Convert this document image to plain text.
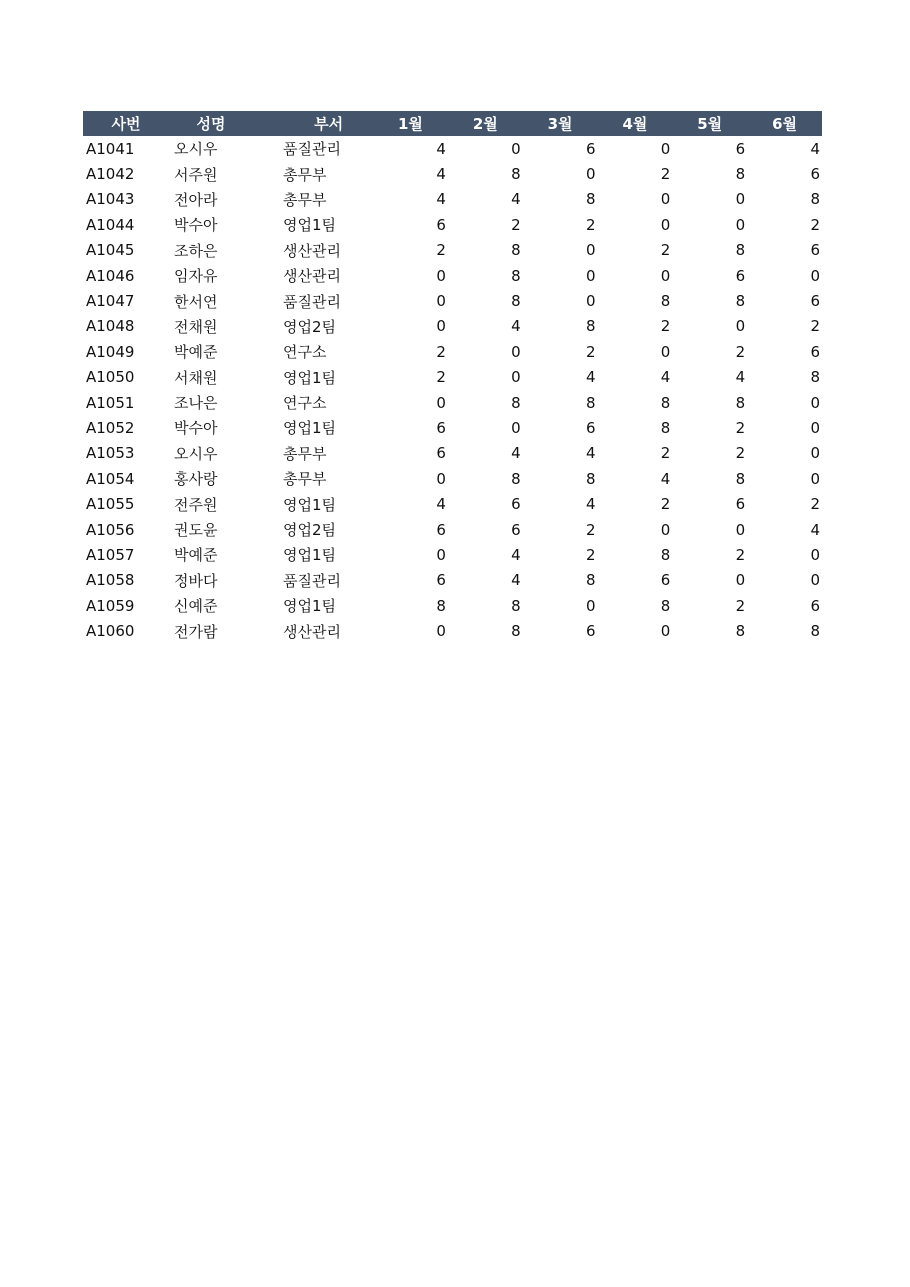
사번	성명	부서	1월	2월	3월	4월	5월	6월
A1041	오시우	품질관리	4	0	6	0	6	4
A1042	서주원	총무부	4	8	0	2	8	6
A1043	전아라	총무부	4	4	8	0	0	8
A1044	박수아	영업1팀	6	2	2	0	0	2
A1045	조하은	생산관리	2	8	0	2	8	6
A1046	임자유	생산관리	0	8	0	0	6	0
A1047	한서연	품질관리	0	8	0	8	8	6
A1048	전채원	영업2팀	0	4	8	2	0	2
A1049	박예준	연구소	2	0	2	0	2	6
A1050	서채원	영업1팀	2	0	4	4	4	8
A1051	조나은	연구소	0	8	8	8	8	0
A1052	박수아	영업1팀	6	0	6	8	2	0
A1053	오시우	총무부	6	4	4	2	2	0
A1054	홍사랑	총무부	0	8	8	4	8	0
A1055	전주원	영업1팀	4	6	4	2	6	2
A1056	권도윤	영업2팀	6	6	2	0	0	4
A1057	박예준	영업1팀	0	4	2	8	2	0
A1058	정바다	품질관리	6	4	8	6	0	0
A1059	신예준	영업1팀	8	8	0	8	2	6
A1060	전가람	생산관리	0	8	6	0	8	8
